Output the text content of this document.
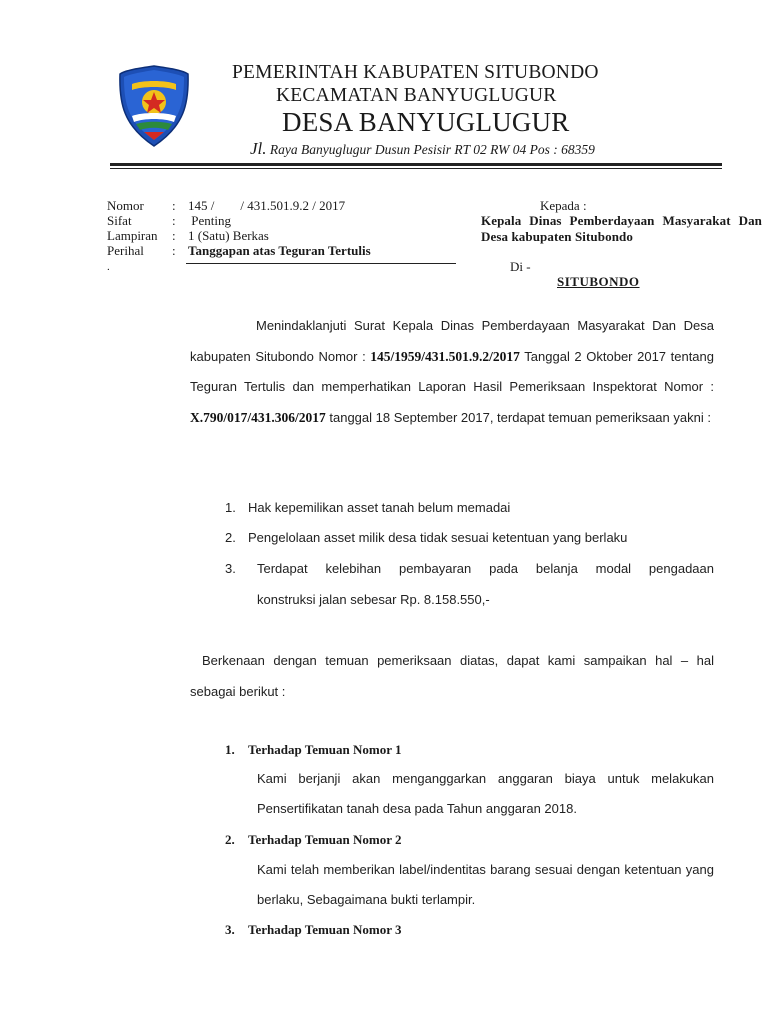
PEMERINTAH KABUPATEN SITUBONDO
KECAMATAN BANYUGLUGUR
DESA BANYUGLUGUR
Jl. Raya Banyuglugur Dusun Pesisir RT 02 RW 04 Pos : 68359
Nomor : 145 /        / 431.501.9.2 / 2017
Sifat	: Penting
Lampiran : 1 (Satu) Berkas
Perihal : Tanggapan atas Teguran Tertulis
.
Kepada :
Kepala Dinas Pemberdayaan Masyarakat Dan Desa kabupaten Situbondo
Di -
SITUBONDO
Menindaklanjuti Surat Kepala Dinas Pemberdayaan Masyarakat Dan Desa kabupaten Situbondo Nomor : 145/1959/431.501.9.2/2017 Tanggal 2 Oktober 2017 tentang Teguran Tertulis dan memperhatikan Laporan Hasil Pemeriksaan Inspektorat Nomor : X.790/017/431.306/2017 tanggal 18 September 2017, terdapat temuan pemeriksaan yakni :
1. Hak kepemilikan asset tanah belum memadai
2. Pengelolaan asset milik desa tidak sesuai ketentuan yang berlaku
3. Terdapat kelebihan pembayaran pada belanja modal pengadaan
konstruksi jalan sebesar Rp. 8.158.550,-
Berkenaan dengan temuan pemeriksaan diatas, dapat kami sampaikan hal – hal sebagai berikut :
1. Terhadap Temuan Nomor 1
Kami berjanji akan menganggarkan anggaran biaya untuk melakukan Pensertifikatan tanah desa pada Tahun anggaran 2018.
2. Terhadap Temuan Nomor 2
Kami telah memberikan label/indentitas barang sesuai dengan ketentuan yang berlaku, Sebagaimana bukti terlampir.
3. Terhadap Temuan Nomor 3
